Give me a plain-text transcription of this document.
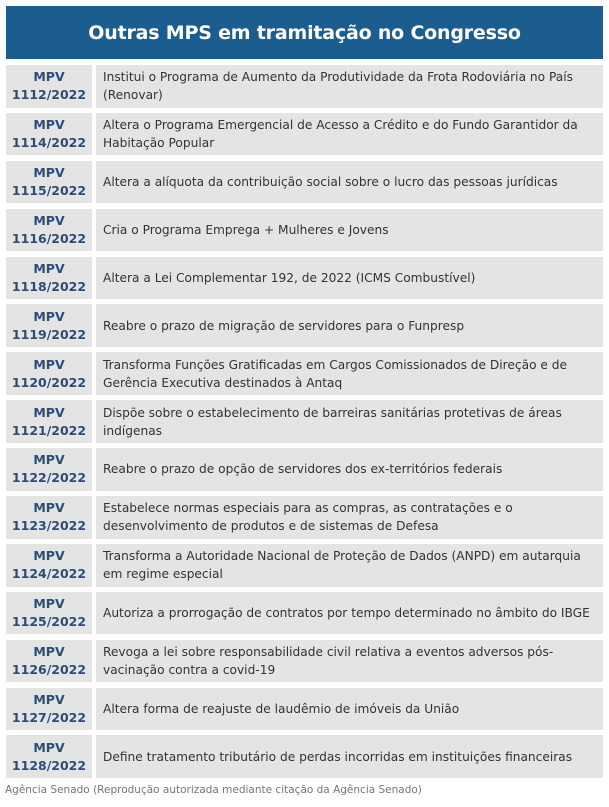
Outras MPS em tramitação no Congresso
MPV
1112/2022
Institui o Programa de Aumento da Produtividade da Frota Rodoviária no País (Renovar)
MPV
1114/2022
Altera o Programa Emergencial de Acesso a Crédito e do Fundo Garantidor da Habitação Popular
MPV
1115/2022
Altera a alíquota da contribuição social sobre o lucro das pessoas jurídicas
MPV
1116/2022
Cria o Programa Emprega + Mulheres e Jovens
MPV
1118/2022
Altera a Lei Complementar 192, de 2022 (ICMS Combustível)
MPV
1119/2022
Reabre o prazo de migração de servidores para o Funpresp
MPV
1120/2022
Transforma Funções Gratificadas em Cargos Comissionados de Direção e de Gerência Executiva destinados à Antaq
MPV
1121/2022
Dispõe sobre o estabelecimento de barreiras sanitárias protetivas de áreas indígenas
MPV
1122/2022
Reabre o prazo de opção de servidores dos ex-territórios federais
MPV
1123/2022
Estabelece normas especiais para as compras, as contratações e o desenvolvimento de produtos e de sistemas de Defesa
MPV
1124/2022
Transforma a Autoridade Nacional de Proteção de Dados (ANPD) em autarquia em regime especial
MPV
1125/2022
Autoriza a prorrogação de contratos por tempo determinado no âmbito do IBGE
MPV
1126/2022
Revoga a lei sobre responsabilidade civil relativa a eventos adversos pós-vacinação contra a covid-19
MPV
1127/2022
Altera forma de reajuste de laudêmio de imóveis da União
MPV
1128/2022
Define tratamento tributário de perdas incorridas em instituições financeiras
Agência Senado (Reprodução autorizada mediante citação da Agência Senado)
